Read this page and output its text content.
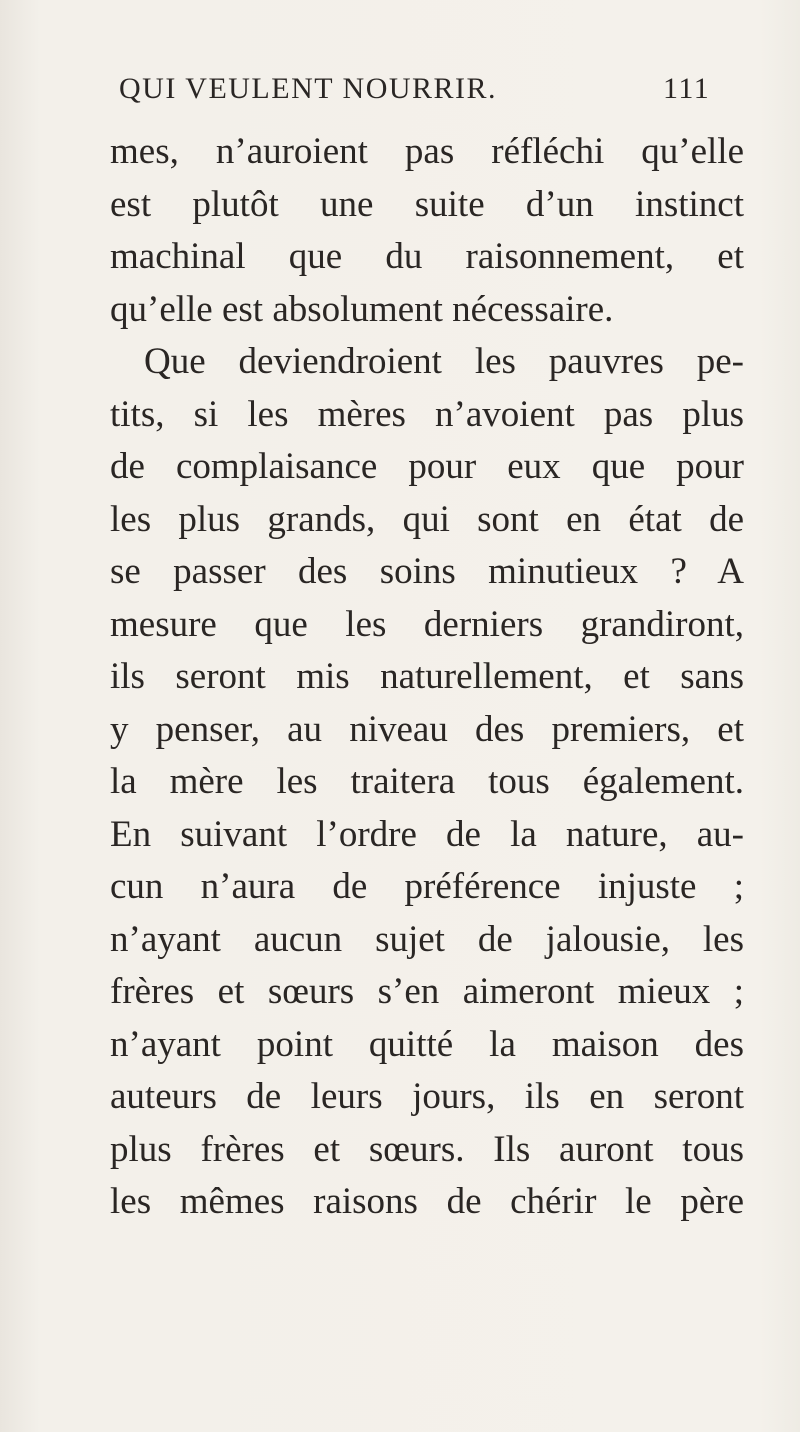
QUI VEULENT NOURRIR.	111
mes, n’auroient pas réfléchi qu’elle
est plutôt une suite d’un instinct
machinal que du raisonnement, et
qu’elle est absolument nécessaire.
Que deviendroient les pauvres pe-
tits, si les mères n’avoient pas plus
de complaisance pour eux que pour
les plus grands, qui sont en état de
se passer des soins minutieux ? A
mesure que les derniers grandiront,
ils seront mis naturellement, et sans
y penser, au niveau des premiers, et
la mère les traitera tous également.
En suivant l’ordre de la nature, au-
cun n’aura de préférence injuste ;
n’ayant aucun sujet de jalousie, les
frères et sœurs s’en aimeront mieux ;
n’ayant point quitté la maison des
auteurs de leurs jours, ils en seront
plus frères et sœurs. Ils auront tous
les mêmes raisons de chérir le père
